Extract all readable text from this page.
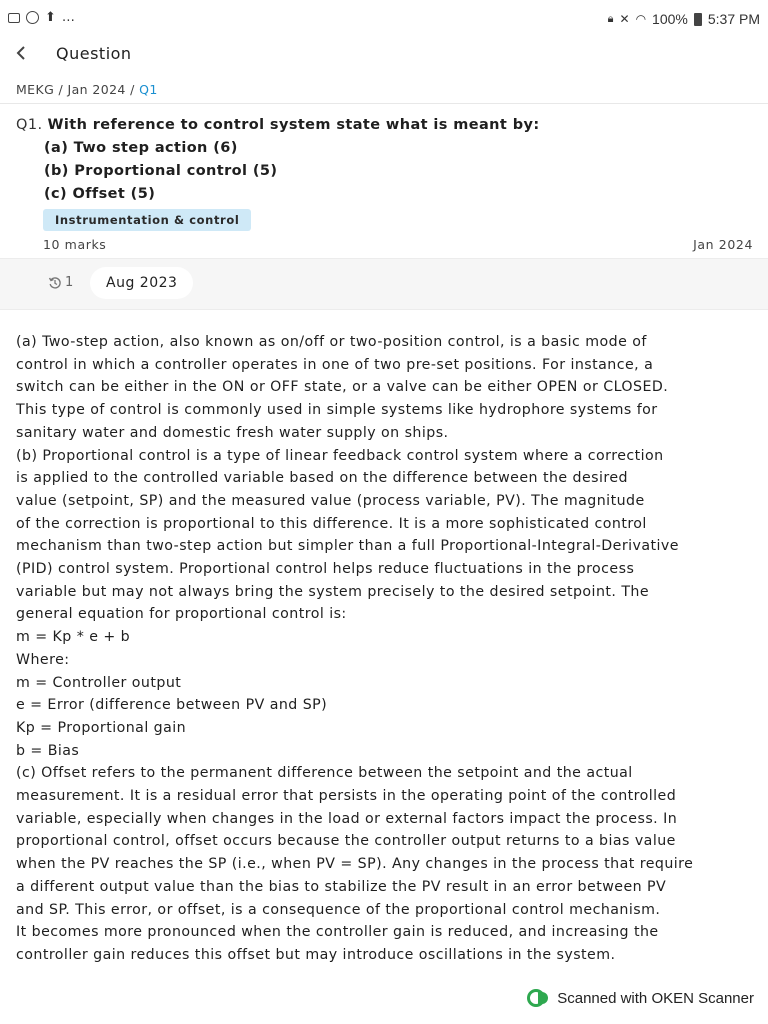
⬆ …	🔒︎ ✕ ◠ 100% 5:37 PM
Question
MEKG / Jan 2024 / Q1
Q1. With reference to control system state what is meant by:
(a) Two step action (6)
(b) Proportional control (5)
(c) Offset (5)
Instrumentation & control
10 marks	Jan 2024
1	Aug 2023

(a) Two-step action, also known as on/off or two-position control, is a basic mode of

control in which a controller operates in one of two pre-set positions. For instance, a

switch can be either in the ON or OFF state, or a valve can be either OPEN or CLOSED.

This type of control is commonly used in simple systems like hydrophore systems for

sanitary water and domestic fresh water supply on ships.

(b) Proportional control is a type of linear feedback control system where a correction

is applied to the controlled variable based on the difference between the desired

value (setpoint, SP) and the measured value (process variable, PV). The magnitude

of the correction is proportional to this difference. It is a more sophisticated control

mechanism than two-step action but simpler than a full Proportional-Integral-Derivative

(PID) control system. Proportional control helps reduce fluctuations in the process

variable but may not always bring the system precisely to the desired setpoint. The

general equation for proportional control is:

m = Kp * e + b

Where:

m = Controller output

e = Error (difference between PV and SP)

Kp = Proportional gain

b = Bias

(c) Offset refers to the permanent difference between the setpoint and the actual

measurement. It is a residual error that persists in the operating point of the controlled

variable, especially when changes in the load or external factors impact the process. In

proportional control, offset occurs because the controller output returns to a bias value

when the PV reaches the SP (i.e., when PV = SP). Any changes in the process that require

a different output value than the bias to stabilize the PV result in an error between PV

and SP. This error, or offset, is a consequence of the proportional control mechanism.

It becomes more pronounced when the controller gain is reduced, and increasing the

controller gain reduces this offset but may introduce oscillations in the system.

Scanned with OKEN Scanner
